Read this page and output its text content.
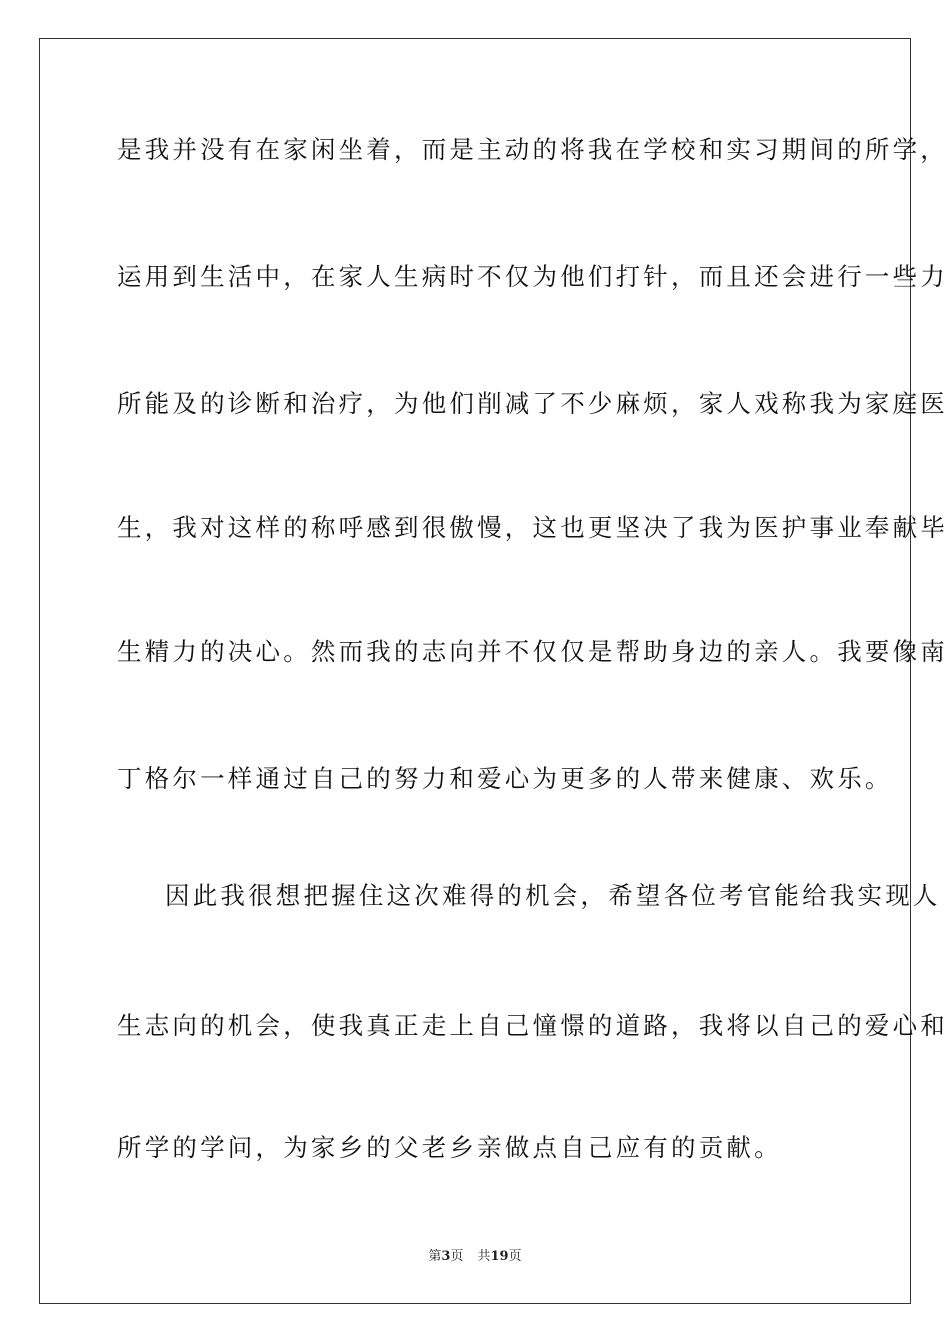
是我并没有在家闲坐着，而是主动的将我在学校和实习期间的所学，
运用到生活中，在家人生病时不仅为他们打针，而且还会进行一些力
所能及的诊断和治疗，为他们削减了不少麻烦，家人戏称我为家庭医
生，我对这样的称呼感到很傲慢，这也更坚决了我为医护事业奉献毕
生精力的决心。然而我的志向并不仅仅是帮助身边的亲人。我要像南
丁格尔一样通过自己的努力和爱心为更多的人带来健康、欢乐。
因此我很想把握住这次难得的机会，希望各位考官能给我实现人
生志向的机会，使我真正走上自己憧憬的道路，我将以自己的爱心和
所学的学问，为家乡的父老乡亲做点自己应有的贡献。
第3页 共19页
